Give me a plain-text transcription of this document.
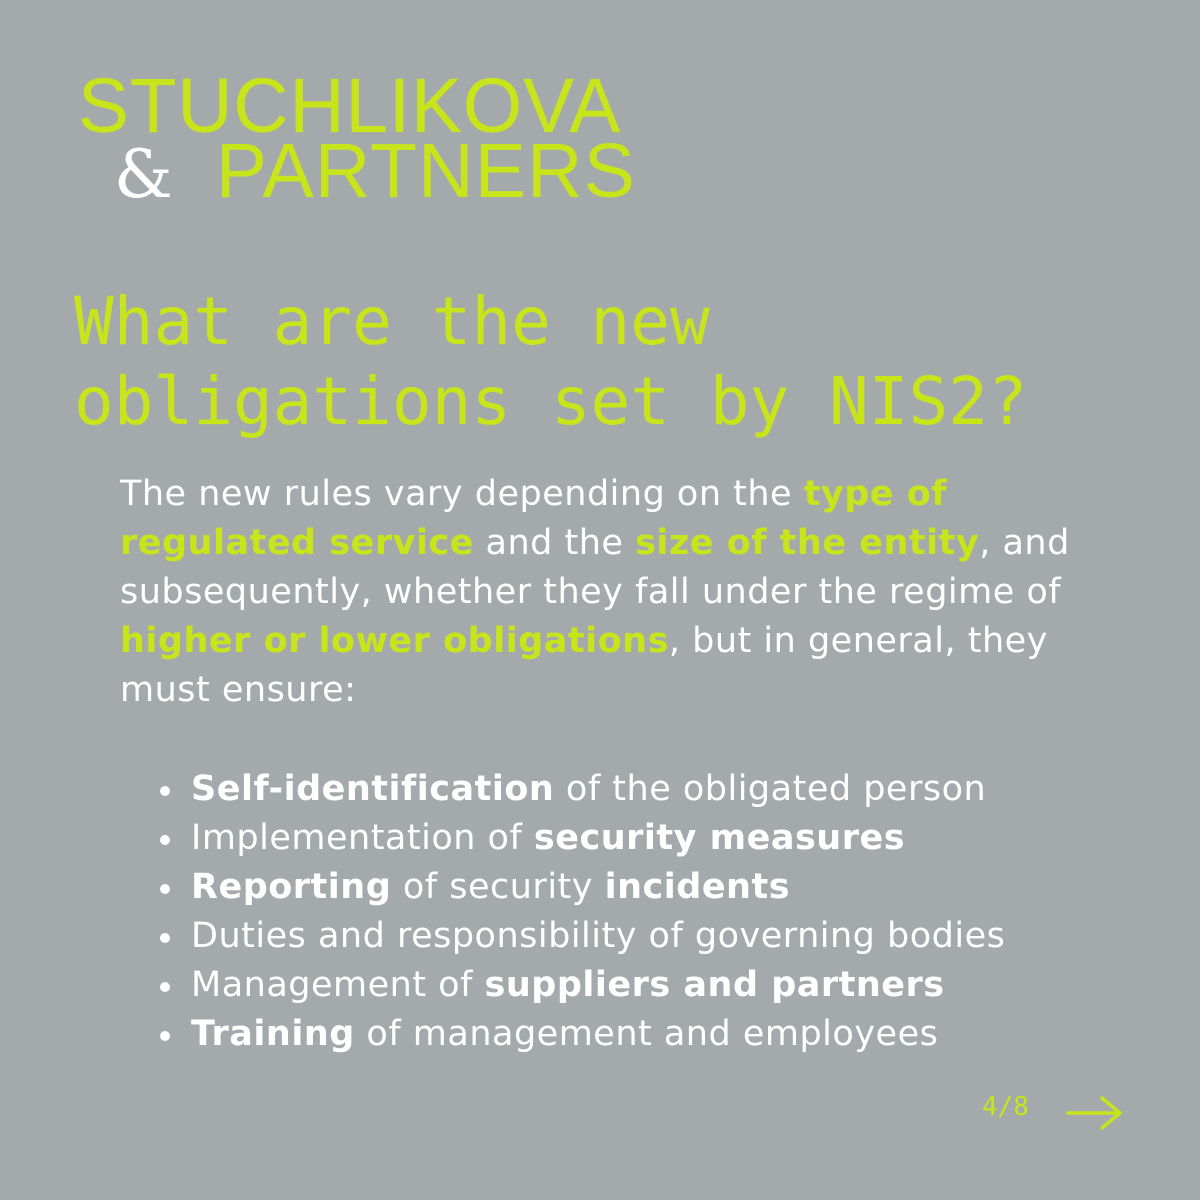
STUCHLIKOVA
& PARTNERS
What are the new
obligations set by NIS2?

The new rules vary depending on the type of regulated service and the size of the entity, and subsequently, whether they fall under the regime of higher or lower obligations, but in general, they must ensure:

Self-identification of the obligated person
Implementation of security measures
Reporting of security incidents
Duties and responsibility of governing bodies
Management of suppliers and partners
Training of management and employees
4/8
